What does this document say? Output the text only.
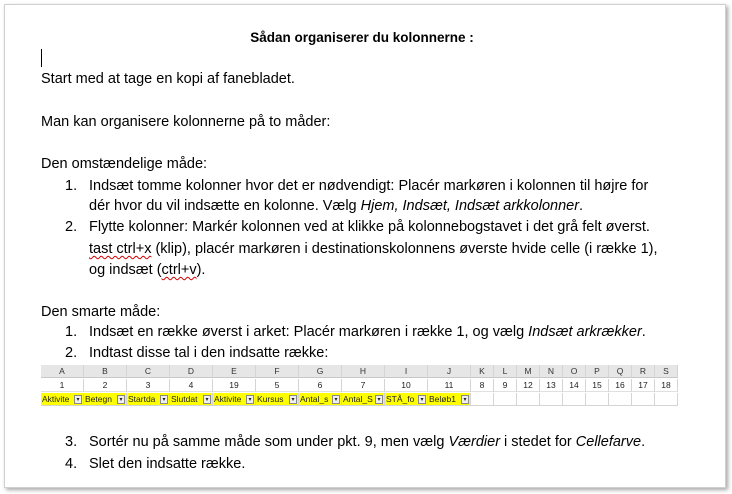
Sådan organiserer du kolonnerne :
Start med at tage en kopi af fanebladet.
Man kan organisere kolonnerne på to måder:
Den omstændelige måde:
1. Indsæt tomme kolonner hvor det er nødvendigt: Placér markøren i kolonnen til højre for
dér hvor du vil indsætte en kolonne. Vælg Hjem, Indsæt, Indsæt arkkolonner.
2. Flytte kolonner: Markér kolonnen ved at klikke på kolonnebogstavet i det grå felt øverst.
tast ctrl+x (klip), placér markøren i destinationskolonnens øverste hvide celle (i række 1),
og indsæt (ctrl+v).
Den smarte måde:
1. Indsæt en række øverst i arket: Placér markøren i række 1, og vælg Indsæt arkrækker.
2. Indtast disse tal i den indsatte række:
A	B	C	D	E	F	G	H	I	J	K	L	M	N	O	P	Q	R	S
1	2	3	4	19	5	6	7	10	11	8	9	12	13	14	15	16	17	18
Aktivite	▾ Betegn	▾ Startda	▾ Slutdat	▾ Aktivite	▾ Kursus	▾ Antal_s	▾ Antal_S ▾ STÅ_fo	▾ Beløb1	▾
3. Sortér nu på samme måde som under pkt. 9, men vælg Værdier i stedet for Cellefarve.
4. Slet den indsatte række.
